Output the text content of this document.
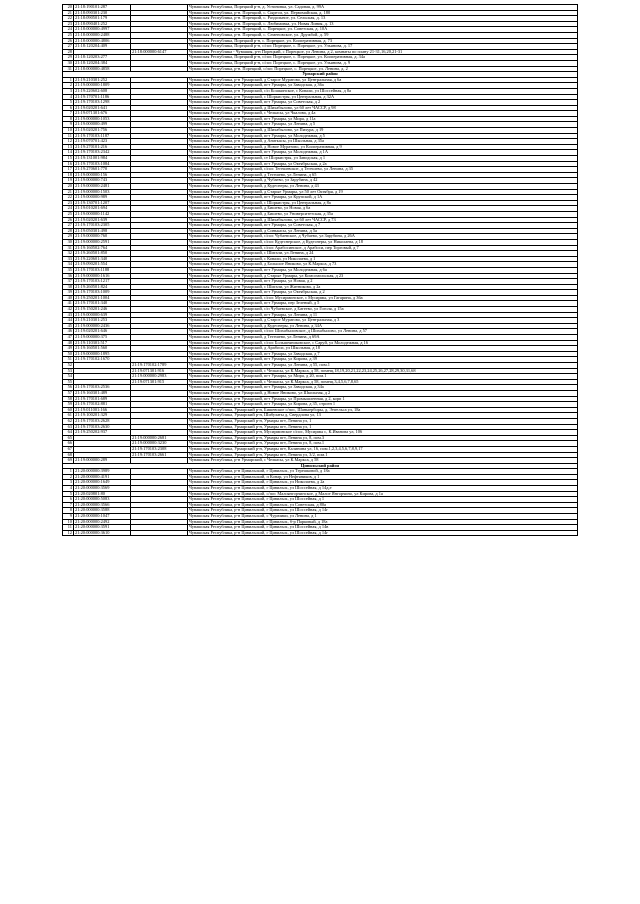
20	21:18:190101:287		Чувашская Республика, Порецкий р-н, д. Устиновка, ул. Садовая, д. 99А
21	21:18:090301:230		Чувашская Республика, р-н. Порецкий, с. Сыреси, ул. Первомайская, д. 180
22	21:18:090501:179		Чувашская Республика, р-н. Порецкий, с. Раздольное, ул. Сельская, д. 13
23	21:18:090401:252		Чувашская Республика, р-н. Порецкий, с. Любимовка, ул. Новая Линия, д. 13
24	21:18:000000:4997		Чувашская Республика, р-н. Порецкий, с. Порецкое, ул. Советская, д. 10А
25	21:18:000000:2488		Чувашская Республика, р-н. Порецкий, с. Семеновское, ул. Дружбой, д. 59
26	21:18:000000:4806		Чувашская Республика, Порецкий р-н, с. Порецкое, ул. Кооперативная, д. 73
27	21:18:120204:409		Чувашская Республика, Порецкий р-н, с/пос Порецкое, с. Порецкое, ул. Ульянова, д. 17
28		21:18:000000:6147	Чувашская Республика - Чувашия, р-н Порецкий, с Порецкое, ул Ленина, д 2, комнаты по плану 21-31,16,20,21-31
29	21:18:120203:277		Чувашская Республика, Порецкий р-н, с/пос Порецкое, с. Порецкое, ул. Кооперативная, д. 34а
30	21:18:120204:384		Чувашская Республика, Порецкий р-н, с/пос Порецкое, с. Порецкое, ул. Ульянова, д. 9
31	21:18:000000:4858		Чувашская Республика, р-н. Порецкий, с/пос Порецкое, с. Порецкое, ул. Ленина, д. 2
Урмарский район			
1	21:19:210301:252		Чувашская Республика, р-н Урмарский, д Старое Муратово, ул Центральная, д 6а
2	21:19:000000:1809		Чувашская Республика, р-н Урмарский, пгт Урмары, ул Заводская, д 36а
3	21:19:220602:608		Чувашская Республика, р-н Урмарский, с/п Кошкинское, с Ковали, ул Шоссейная, д 8а
4	21:19:170701:1186		Чувашская Республика, р-н Урмарский, с Шоркистры, ул Центральная, д 32А
5	21:19:170103:1298		Чувашская Республика, р-н Урмарский, пгт Урмары, ул Советская, д 2
6	21:19:020201:641		Чувашская Республика, р-н Урмарский, д Шихабылово, ул 60 лет ЧАССР, д 98
7	21:19:071301:676		Чувашская Республика, р-н Урмарский, с Челкасы, ул Чкалова, д 4а
8	21:19:000000:1053		Чувашская Республика, р-н Урмарский, пгт Урмары, ул Мира, д 11а
9	21:19:000000:499		Чувашская Республика, р-н Урмарский, пгт Урмары, ул Ленина, д 5
10	21:19:020201:756		Чувашская Республика, р-н Урмарский, д Шихабылово, ул Пихура, д 19
11	21:19:170103:1187		Чувашская Республика, р-н Урмарский, пгт Урмары, ул Молодежная, д 5
12	21:19:070701:423		Чувашская Республика, р-н Урмарский, д Анаткасы, ул Школьная, д 35а
13	21:19:270101:216		Чувашская Республика, р-н Урмарский, д Новое Муратово, ул Кооперативная, д 9
14	21:19:170103:2342		Чувашская Республика, р-н Урмарский, пгт Урмары, ул Молодежная, д 1А
15	21:19:131001:984		Чувашская Республика, р-н Урмарский, ст Шоркистры, ул Заводская, д 1
16	21:19:170103:1084		Чувашская Республика, р-н Урмарский, пгт Урмары, ул Октябрьская, д 2а
17	21:19:270601:770		Чувашская Республика, р-н Урмарский, с/пос Тегешевское, д Тегешево, ул Ленина, д 35
18	21:19:000000:156		Чувашская Республика, р-н Урмарский, д Тегешево, ул Ленина, д 65
19	21:19:000000:743		Чувашская Республика, р-н Урмарский, д Чубаево, ул Зарубина, д 42
20	21:19:000000:2481		Чувашская Республика, р-н Урмарский, д Кудеснеры, ул Ленина, д 43
21	21:19:000000:1503		Чувашская Республика, р-н Урмарский, д Старые Урмары, ул 50 лет Октября, д 19
22	21:19:000000:989		Чувашская Республика, р-н Урмарский, пгт Урмары, ул Крупской, д 1А
23	21:19:130701:1207		Чувашская Республика, р-н Урмарский, с Шоркистры, ул Центральная, д 8а
24	21:19:010201:694		Чувашская Республика, р-н Урмарский, д Бишево, ул Новая, д 6а
25	21:19:000000:1142		Чувашская Республика, р-н Урмарский, д Бишево, ул Университетская, д 35а
26	21:19:020201:639		Чувашская Республика, р-н Урмарский, д Шихабылово, ул 60 лет ЧАССР, д 73
27	21:19:170103:2305		Чувашская Республика, р-н Урмарский, пгт Урмары, ул Советская, д 7
28	21:19:050301:498		Чувашская Республика, р-н Урмарский, д Синькасы, ул Ленина, д 5а
29	21:19:000000:760		Чувашская Республика, р-н Урмарский, с/пос Чубаевское, д Чубаево, ул Зарубина, д 26А
30	21:19:000000:2591		Чувашская Республика, р-н Урмарский, с/пос Кудеснерское, д Кудеснеры, ул Николаева, д 18
31	21:19:160502:764		Чувашская Республика, р-н Урмарский, с/пос Арабосинское, д Арабоси, пер Торговый, д 7
32	21:19:260501:850		Чувашская Республика, р-н Урмарский, с Шигали, ул Ленина, д 24
33	21:19:220601:340		Чувашская Республика, р-н Урмарский, с Ковали, ул Николаева, д 1
34	21:19:090201:554		Чувашская Республика, р-н Урмарский, д Большое Яниково, ул К.Маркса, д 73
35	21:19:170103:1188		Чувашская Республика, р-н Урмарский, пгт Урмары, ул Молодежная, д 6а
36	21:19:000000:1616		Чувашская Республика, р-н Урмарский, д Старые Урмары, ул Комсомольская, д 23
37	21:19:170103:1217		Чувашская Республика, р-н Урмарский, пгт Урмары, ул Новая, д 2
38	21:19:260501:824		Чувашская Республика, р-н Урмарский, с Шигали, ул Житникова, д 2а
39	21:19:170103:1009		Чувашская Республика, р-н Урмарский, пгт Урмары, ул Октябрьская, д 2
40	21:19:250201:1004		Чувашская Республика, р-н Урмарский, с/пос Мусирминское, с Мусирмы, ул Гагарина, д 36а
41	21:19:170101:340		Чувашская Республика, р-н Урмарский, пгт Урмары, пер Зеленый, д 5
42	21:19:150201:246		Чувашская Республика, р-н Урмарский, с/п Чубаевское, д Батеево, ул Гоголя, д 15а
43	21:19:000000:639		Чувашская Республика, р-н Урмарский, пгт Урмары, ул Ленина, д 11
44	21:19:210301:253		Чувашская Республика, р-н Урмарский, д Старое Муратово, ул Центральная, д 3
45	21:19:000000:2436		Чувашская Республика, р-н Урмарский, д Кудеснеры, ул Ленина, д 34А
46	21:19:020201:646		Чувашская Республика, р-н Урмарский, с/пос Шихабыловское, д Шихабылово, ул Ленина, д 57
47	21:19:000000:375		Чувашская Республика, р-н Урмарский, д Тегешево, ул Ленина, д 69А
48	21:19:110301:517		Чувашская Республика, р-н Урмарский, с/пос Большеяниковское, с Саруй, ул Молодежная, д 16
49	21:19:160501:560		Чувашская Республика, р-н Урмарский, д Арабоси, ул Школьная, д 18
50	21:19:000000:1895		Чувашская Республика, р-н Урмарский, пгт Урмары, ул Заводская, д 7
51	21:19:170102:1670		Чувашская Республика, р-н Урмарский, пгт Урмары, ул Кирова, д 39
52		21:19:170102:1789	Чувашская Республика, р-н Урмарский, пгт Урмары, ул Ленина, д 55, пом.1
53		21:19:071301:916	Чувашская Республика, р-н Урмарский, с Челкасы, ул К.Маркса, д 58, помещ.18,19,20,21,22,23,24,25,26,27,28,29,30,31,68
54		21:19:000000:2983	Чувашская Республика, р-н Урмарский, пгт Урмары, ул Мира, д 20, пом.1
55		21:19:071301:915	Чувашская Республика, р-н Урмарский, с Челкасы, ул К.Маркса, д 58, помещ.3,4,5,6,7,8,65
56	21:19:170103:2536		Чувашская Республика, р-н Урмарский, пгт Урмары, ул Заводская, д 34а
57	21:19:160301:489		Чувашская Республика, р-н Урмарский, д Новое Яниково, ул Школьная, д 2
58	21:19:170101:689		Чувашская Республика, р-н Урмарский, пгт Урмары, ул Промышленная, д 2, корп 1
59	21:19:170102:881		Чувашская Республика, р-н Урмарский, пгт Урмары, ул Кирова, д 35, строен 1
60	21:19:011001:166		Чувашская Республика, Урмарский р-н, Бишевское с/пос, Шаныерборы, д. Энгельса ул, 18а
61	21:19:100201:329		Чувашская Республика, Урмарский р-н, Шибулаты д, Свердлова ул, 13
62	21:19:170103:2628		Чувашская Республика, Урмарский р-н, Урмары пгт, Ленина ул, 1
63	21:19:170103:2630		Чувашская Республика, Урмарский р-н, Урмары пгт, Ленина ул, 1
64	21:19:250202:937		Чувашская Республика, Урмарский р-н, Мусирминское с/пос, Мусирмы с, К.Иванова ул, 106
65		21:19:000000:2681	Чувашская Республика, Урмарский р-н, Урмары пгт, Ленина ул, 8, пом.3
66		21:19:000000:3230	Чувашская Республика, Урмарский р-н, Урмары пгт, Ленина ул, 8, пом.1
67		21:19:170103:2308	Чувашская Республика, Урмарский р-н, Урмары пгт, Калинина ул, 16, пом.1,2,3,4,5,6,7,8,9,17
68		21:19:170103:2661	Чувашская Республика, Урмарский р-н, Урмары пгт, Ленина ул, 3/2, пом.1
69	21:19:000000:289		Чувашская Республика, р-н Урмарский, с Челкасы, ул К.Маркса, д 58
Цивильский район			
1	21:20:000000:3989		Чувашская Республика, р-н Цивильский, г Цивильск, ул Терешковой, д 18а
2	21:20:000000:4191		Чувашская Республика, р-н Цивильский, п Конар, ул Нефтяников, д 1
3	21:20:000000:1649		Чувашская Республика, р-н Цивильский, г Цивильск, ул Николаева, д 2а
4	21:20:000000:3569		Чувашская Республика, р-н Цивильский, г Цивильск, ул Шоссейная, д 14д,е
5	21:20:020801:80		Чувашская Республика, р-н Цивильский, с/пос Малоянгорчинское, д Малое Янгорчино, ул Кирова, д 1а
6	21:20:000000:5083		Чувашская Республика, р-н Цивильский, г Цивильск, ул Шоссейная, д 1
7	21:20:000000:3566		Чувашская Республика, р-н Цивильский, г Цивильск, ул Советская, д 80а
8	21:20:000000:3588		Чувашская Республика, р-н Цивильский, г Цивильск, ул Шоссейная, д 14г
9	21:20:000000:1047		Чувашская Республика, р-н Цивильский, с Чурачики, ул Ленина, д 1
10	21:20:000000:2492		Чувашская Республика, р-н Цивильский, г Цивильск, б-р Парковый, д 18а
11	21:20:000000:3591		Чувашская Республика, р-н Цивильский, г Цивильск, ул Шоссейная, д 14в
12	21:20:000000:3610		Чувашская Республика, р-н Цивильский, г Цивильск, ул Шоссейная, д 14г
